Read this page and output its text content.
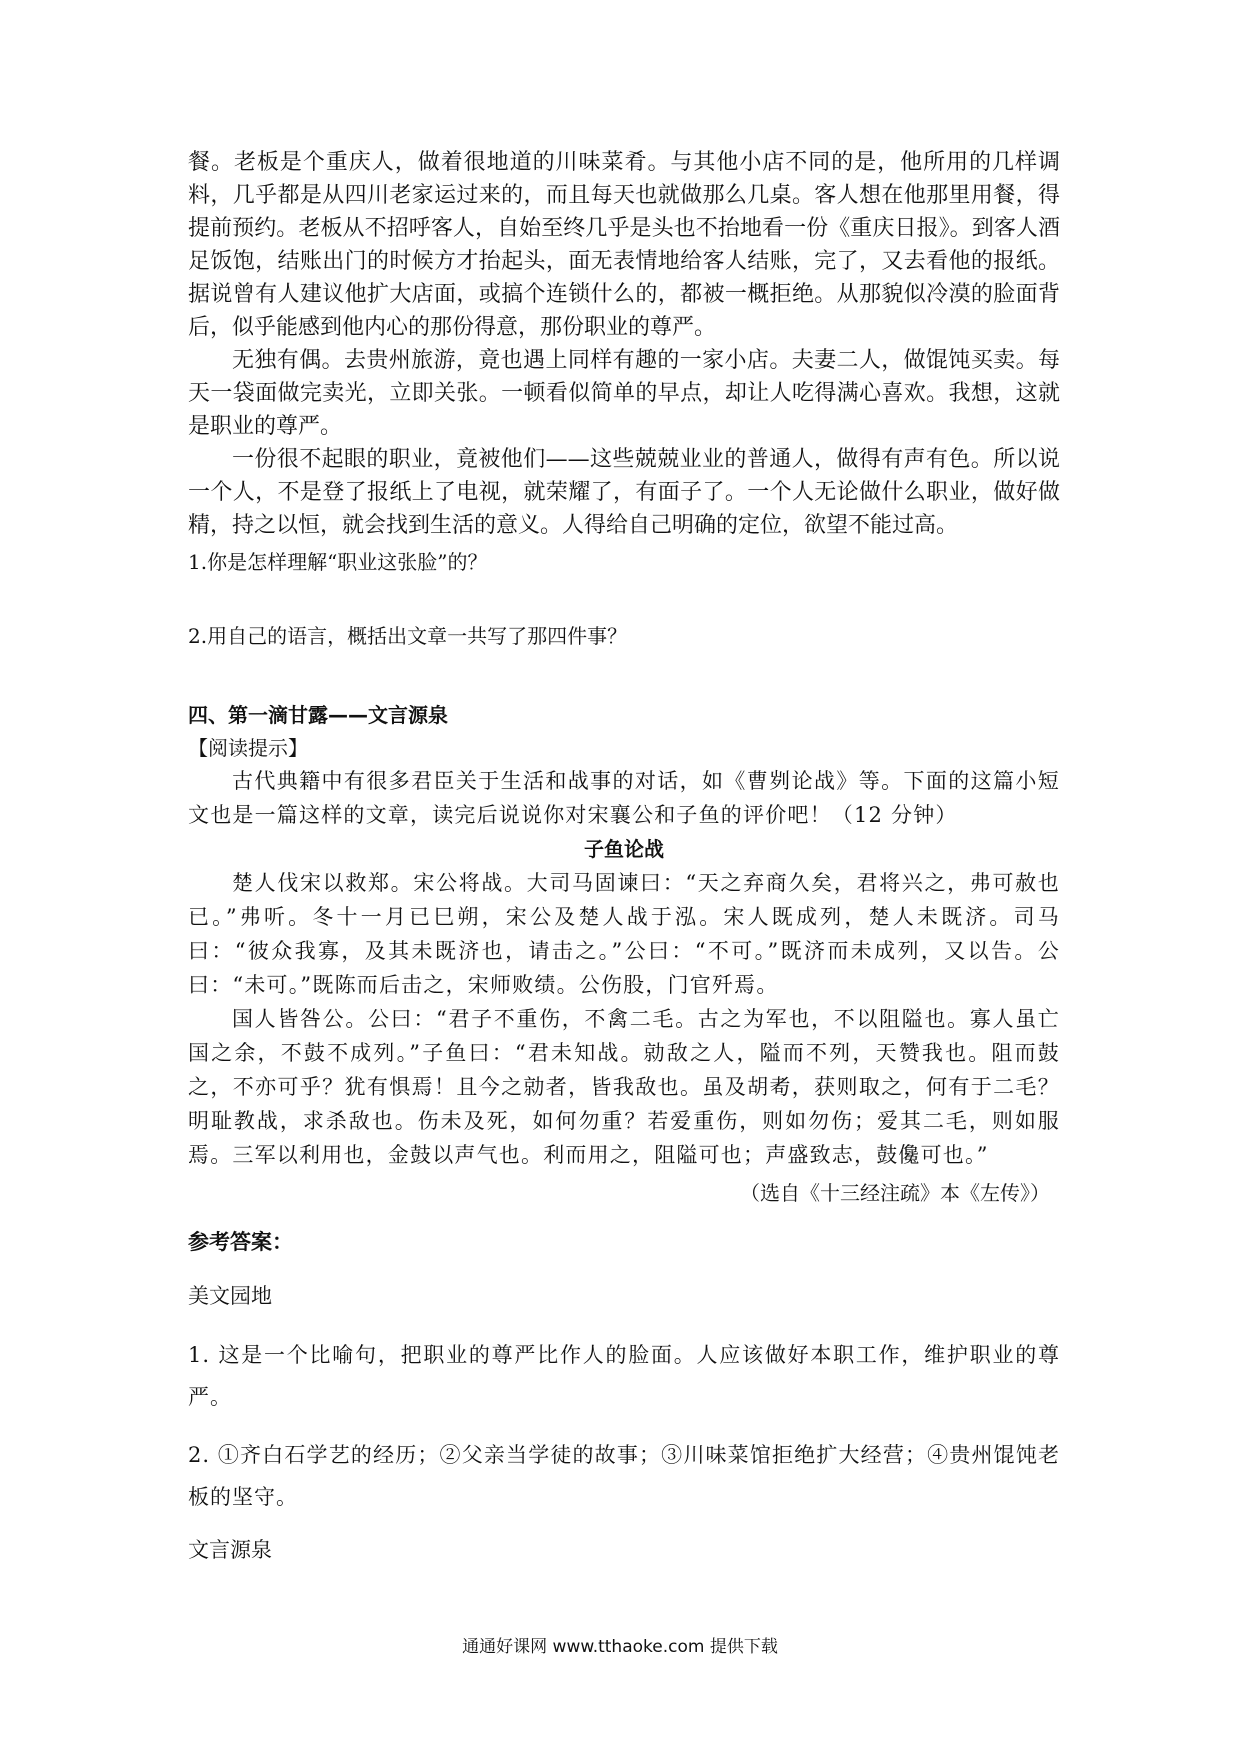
餐。老板是个重庆人，做着很地道的川味菜肴。与其他小店不同的是，他所用的几样调料，几乎都是从四川老家运过来的，而且每天也就做那么几桌。客人想在他那里用餐，得提前预约。老板从不招呼客人，自始至终几乎是头也不抬地看一份《重庆日报》。到客人酒足饭饱，结账出门的时候方才抬起头，面无表情地给客人结账，完了，又去看他的报纸。据说曾有人建议他扩大店面，或搞个连锁什么的，都被一概拒绝。从那貌似冷漠的脸面背后，似乎能感到他内心的那份得意，那份职业的尊严。

无独有偶。去贵州旅游，竟也遇上同样有趣的一家小店。夫妻二人，做馄饨买卖。每天一袋面做完卖光，立即关张。一顿看似简单的早点，却让人吃得满心喜欢。我想，这就是职业的尊严。

一份很不起眼的职业，竟被他们——这些兢兢业业的普通人，做得有声有色。所以说一个人，不是登了报纸上了电视，就荣耀了，有面子了。一个人无论做什么职业，做好做精，持之以恒，就会找到生活的意义。人得给自己明确的定位，欲望不能过高。

1.你是怎样理解“职业这张脸”的？

2.用自己的语言，概括出文章一共写了那四件事？

四、第一滴甘露——文言源泉

【阅读提示】

古代典籍中有很多君臣关于生活和战事的对话，如《曹刿论战》等。下面的这篇小短文也是一篇这样的文章，读完后说说你对宋襄公和子鱼的评价吧！（12 分钟）

子鱼论战

楚人伐宋以救郑。宋公将战。大司马固谏曰：“天之弃商久矣，君将兴之，弗可赦也已。”弗听。冬十一月已巳朔，宋公及楚人战于泓。宋人既成列，楚人未既济。司马曰：“彼众我寡，及其未既济也，请击之。”公曰：“不可。”既济而未成列，又以告。公曰：“未可。”既陈而后击之，宋师败绩。公伤股，门官歼焉。

国人皆咎公。公曰：“君子不重伤，不禽二毛。古之为军也，不以阻隘也。寡人虽亡国之余，不鼓不成列。”子鱼曰：“君未知战。勍敌之人，隘而不列，天赞我也。阻而鼓之，不亦可乎？犹有惧焉！且今之勍者，皆我敌也。虽及胡耇，获则取之，何有于二毛？明耻教战，求杀敌也。伤未及死，如何勿重？若爱重伤，则如勿伤；爱其二毛，则如服焉。三军以利用也，金鼓以声气也。利而用之，阻隘可也；声盛致志，鼓儳可也。”

（选自《十三经注疏》本《左传》）

参考答案：

美文园地

1. 这是一个比喻句，把职业的尊严比作人的脸面。人应该做好本职工作，维护职业的尊严。

2. ①齐白石学艺的经历；②父亲当学徒的故事；③川味菜馆拒绝扩大经营；④贵州馄饨老板的坚守。

文言源泉

通通好课网 www.tthaoke.com 提供下载
